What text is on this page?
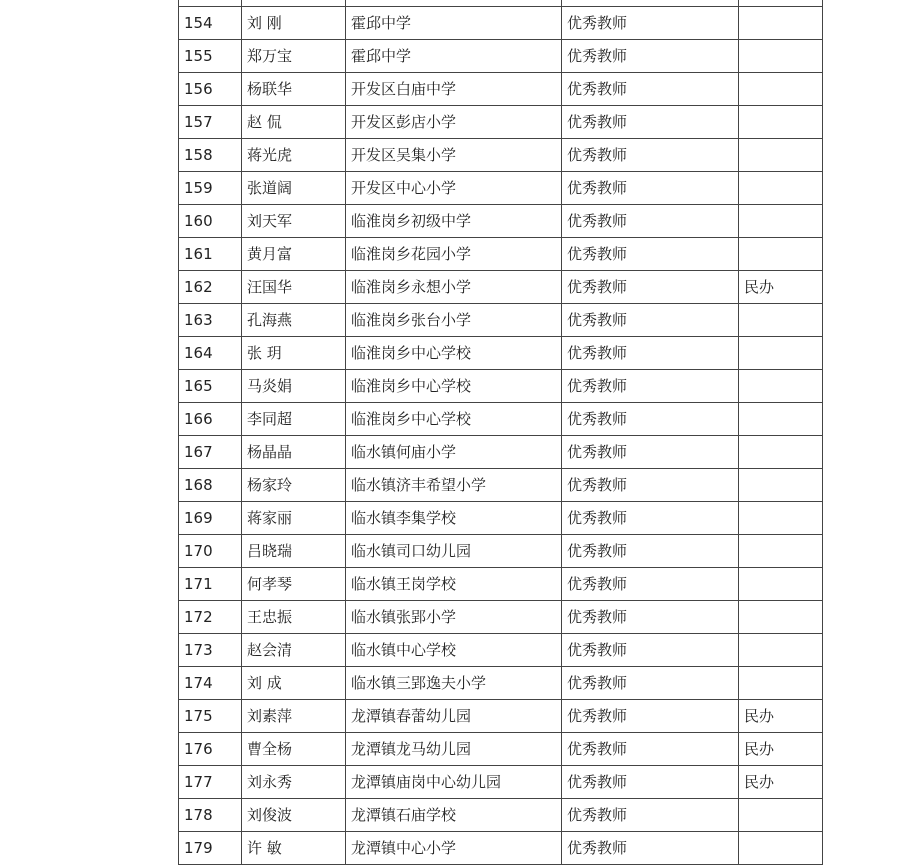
154	刘 刚	霍邱中学	优秀教师	
155	郑万宝	霍邱中学	优秀教师	
156	杨联华	开发区白庙中学	优秀教师	
157	赵 侃	开发区彭店小学	优秀教师	
158	蒋光虎	开发区吴集小学	优秀教师	
159	张道阔	开发区中心小学	优秀教师	
160	刘天军	临淮岗乡初级中学	优秀教师	
161	黄月富	临淮岗乡花园小学	优秀教师	
162	汪国华	临淮岗乡永想小学	优秀教师	民办
163	孔海燕	临淮岗乡张台小学	优秀教师	
164	张 玥	临淮岗乡中心学校	优秀教师	
165	马炎娟	临淮岗乡中心学校	优秀教师	
166	李同超	临淮岗乡中心学校	优秀教师	
167	杨晶晶	临水镇何庙小学	优秀教师	
168	杨家玲	临水镇济丰希望小学	优秀教师	
169	蒋家丽	临水镇李集学校	优秀教师	
170	吕晓瑞	临水镇司口幼儿园	优秀教师	
171	何孝琴	临水镇王岗学校	优秀教师	
172	王忠振	临水镇张郢小学	优秀教师	
173	赵会清	临水镇中心学校	优秀教师	
174	刘 成	临水镇三郢逸夫小学	优秀教师	
175	刘素萍	龙潭镇春蕾幼儿园	优秀教师	民办
176	曹全杨	龙潭镇龙马幼儿园	优秀教师	民办
177	刘永秀	龙潭镇庙岗中心幼儿园	优秀教师	民办
178	刘俊波	龙潭镇石庙学校	优秀教师	
179	许 敏	龙潭镇中心小学	优秀教师	
